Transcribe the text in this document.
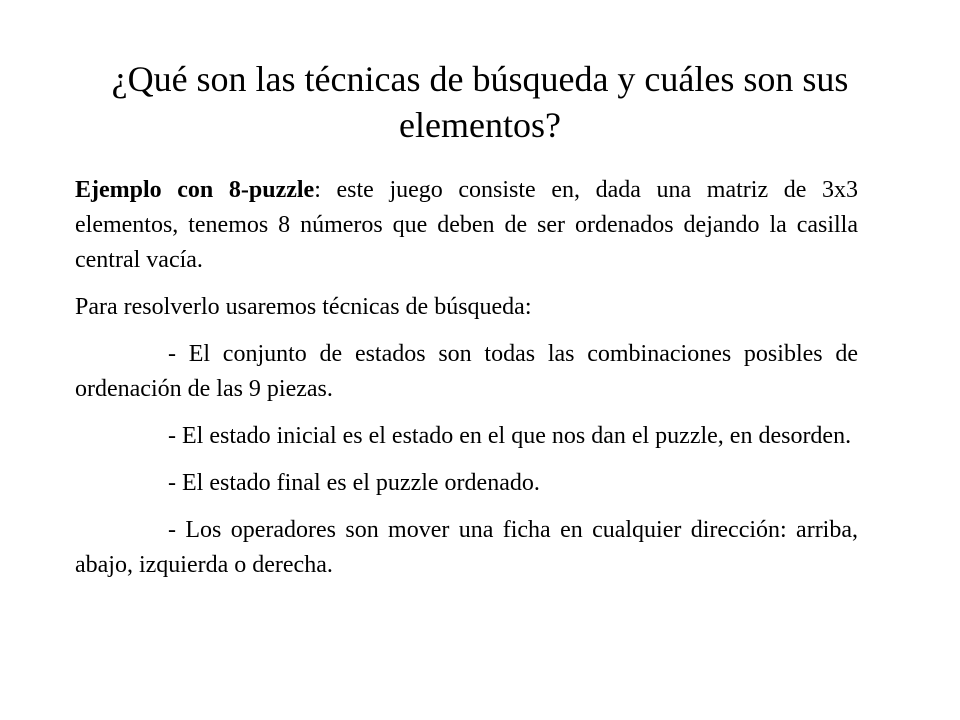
¿Qué son las técnicas de búsqueda y cuáles son sus elementos?

Ejemplo con 8-puzzle: este juego consiste en, dada una matriz de 3x3 elementos, tenemos 8 números que deben de ser ordenados dejando la casilla central vacía.

Para resolverlo usaremos técnicas de búsqueda:

- El conjunto de estados son todas las combinaciones posibles de ordenación de las 9 piezas.

- El estado inicial es el estado en el que nos dan el puzzle, en desorden.

- El estado final es el puzzle ordenado.

- Los operadores son mover una ficha en cualquier dirección: arriba, abajo, izquierda o derecha.
